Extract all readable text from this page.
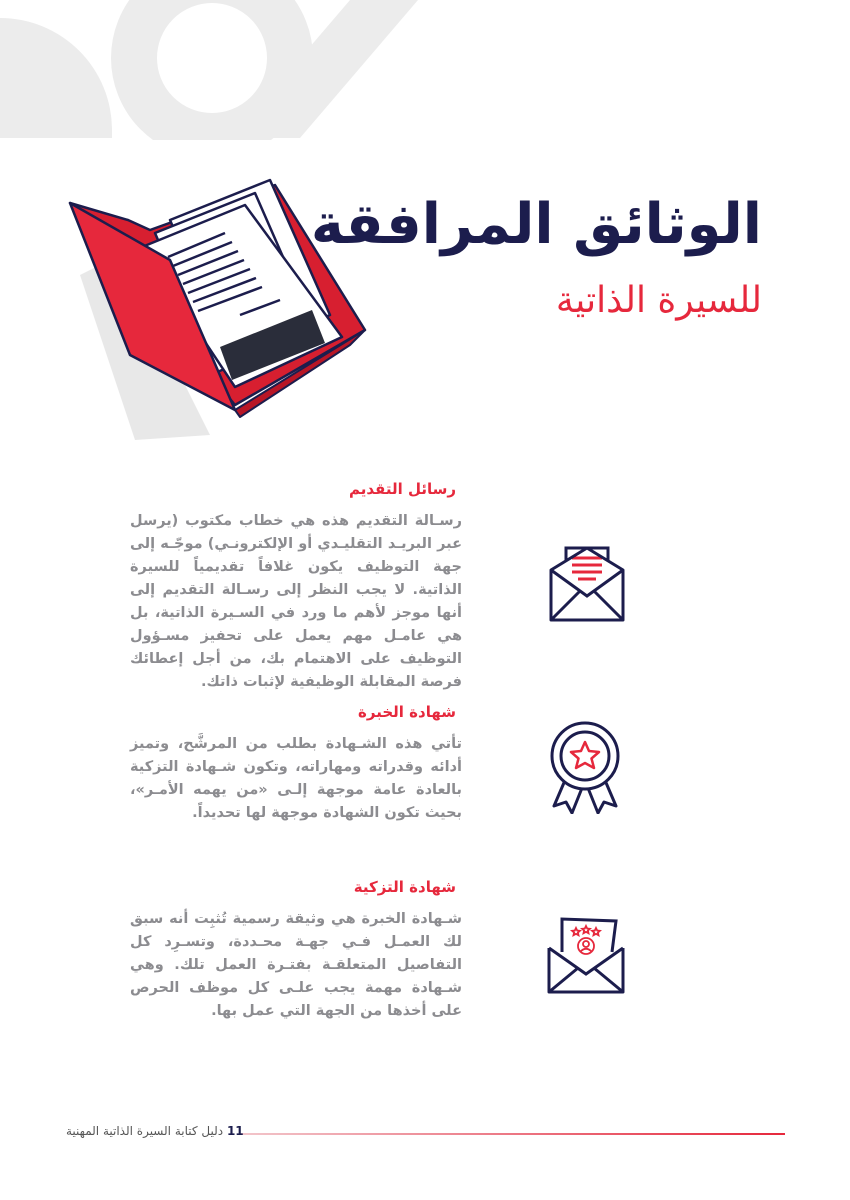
الوثائق المرافقة
للسيرة الذاتية
رسائل التقديم
رسـالة التقديم هذه هي خطاب مكتوب (يرسل عبر البريـد التقليـدي أو الإلكترونـي) موجّـه إلى جهة التوظيف يكون غلافاً تقديمياً للسيرة الذاتية. لا يجب النظر إلى رسـالة التقديم إلى أنها موجز لأهم ما ورد في السـيرة الذاتية، بل هي عامـل مهم يعمل على تحفيز مسـؤول التوظيف على الاهتمام بك، من أجل إعطائك فرصة المقابلة الوظيفية لإثبات ذاتك.
شهادة الخبرة
تأتي هذه الشـهادة بطلب من المرشَّح، وتميز أدائه وقدراته ومهاراته، وتكون شـهادة التزكية بالعادة عامة موجهة إلـى «من يهمه الأمـر»، بحيث تكون الشهادة موجهة لها تحديداً.
شهادة التزكية
شـهادة الخبرة هي وثيقة رسمية تُثبِت أنه سبق لك العمـل فـي جهـة محـددة، وتسـرِد كل التفاصيل المتعلقـة بفتـرة العمل تلك. وهي شـهادة مهمة يجب علـى كل موظف الحرص على أخذها من الجهة التي عمل بها.
11 دليل كتابة السيرة الذاتية المهنية
